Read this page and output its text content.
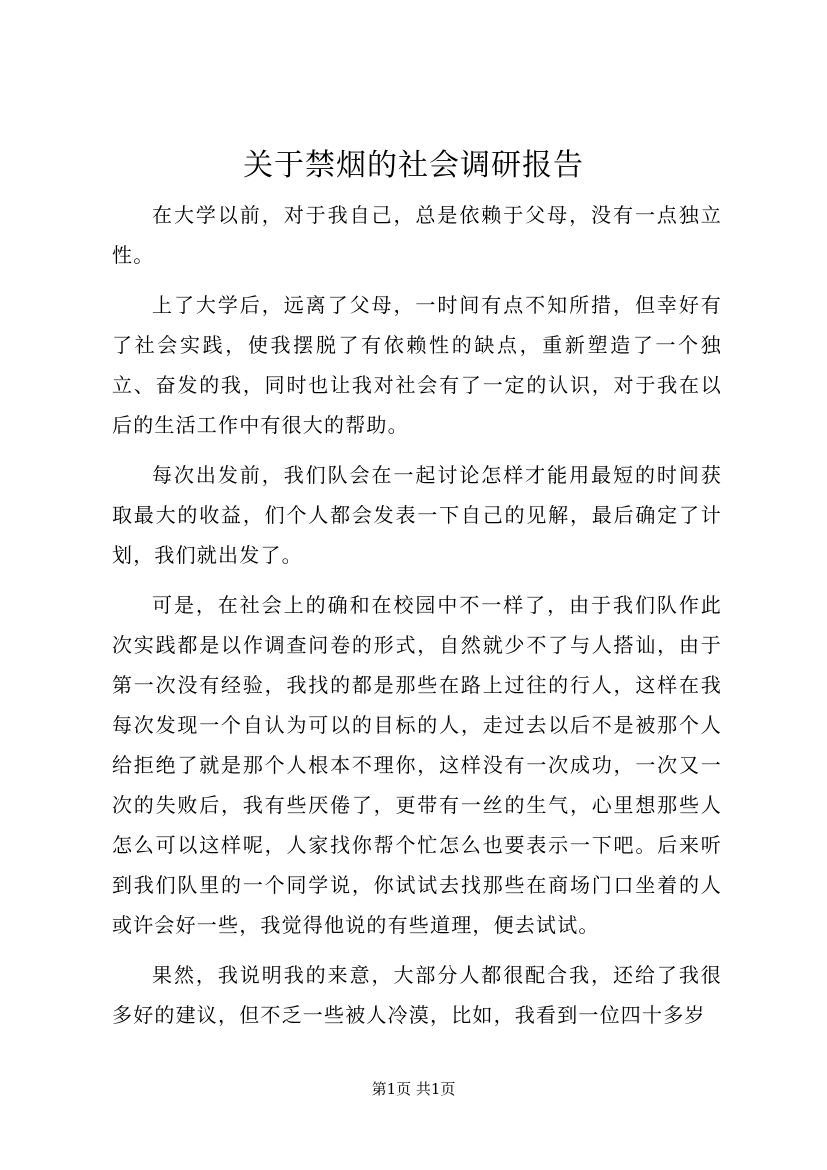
关于禁烟的社会调研报告

在大学以前，对于我自己，总是依赖于父母，没有一点独立性。

上了大学后，远离了父母，一时间有点不知所措，但幸好有了社会实践，使我摆脱了有依赖性的缺点，重新塑造了一个独立、奋发的我，同时也让我对社会有了一定的认识，对于我在以后的生活工作中有很大的帮助。

每次出发前，我们队会在一起讨论怎样才能用最短的时间获取最大的收益，们个人都会发表一下自己的见解，最后确定了计划，我们就出发了。

可是，在社会上的确和在校园中不一样了，由于我们队作此次实践都是以作调查问卷的形式，自然就少不了与人搭讪，由于第一次没有经验，我找的都是那些在路上过往的行人，这样在我每次发现一个自认为可以的目标的人，走过去以后不是被那个人给拒绝了就是那个人根本不理你，这样没有一次成功，一次又一次的失败后，我有些厌倦了，更带有一丝的生气，心里想那些人怎么可以这样呢，人家找你帮个忙怎么也要表示一下吧。后来听到我们队里的一个同学说，你试试去找那些在商场门口坐着的人或许会好一些，我觉得他说的有些道理，便去试试。

果然，我说明我的来意，大部分人都很配合我，还给了我很多好的建议，但不乏一些被人冷漠，比如，我看到一位四十多岁

第1页 共1页
